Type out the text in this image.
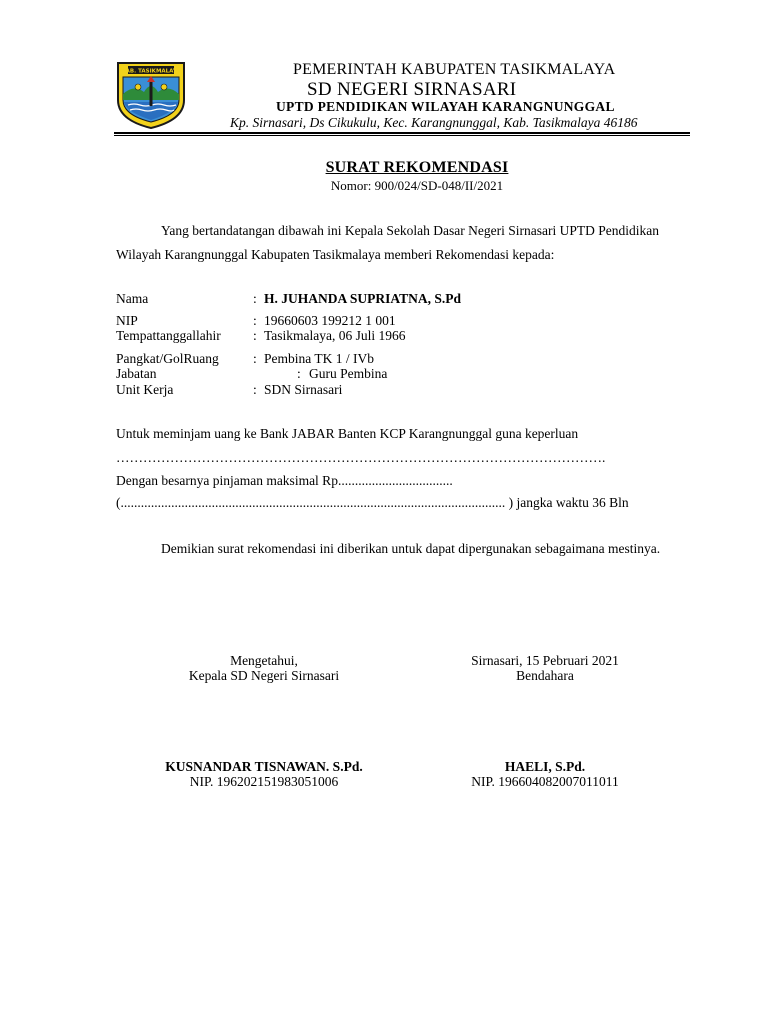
KAB. TASIKMALAYA	PEMERINTAH KABUPATEN TASIKMALAYA
SD NEGERI SIRNASARI
UPTD PENDIDIKAN WILAYAH KARANGNUNGGAL
Kp. Sirnasari, Ds Cikukulu, Kec. Karangnunggal, Kab. Tasikmalaya 46186
SURAT REKOMENDASI
Nomor: 900/024/SD-048/II/2021
Yang bertandatangan dibawah ini Kepala Sekolah Dasar Negeri Sirnasari UPTD Pendidikan
Wilayah Karangnunggal Kabupaten Tasikmalaya memberi Rekomendasi kepada:
Nama	: H. JUHANDA SUPRIATNA, S.Pd
NIP	: 19660603 199212 1 001
Tempattanggallahir : Tasikmalaya, 06 Juli 1966
Pangkat/GolRuang	: Pembina TK 1 / IVb
Jabatan	: Guru Pembina
Unit Kerja	: SDN Sirnasari
Untuk meminjam uang ke Bank JABAR Banten KCP Karangnunggal guna keperluan
……………………………………………………………………………………………….
Dengan besarnya pinjaman maksimal Rp..................................
(.................................................................................................................. ) jangka waktu 36 Bln
Demikian surat rekomendasi ini diberikan untuk dapat dipergunakan sebagaimana mestinya.
Mengetahui,
Kepala SD Negeri Sirnasari
KUSNANDAR TISNAWAN. S.Pd.
NIP. 196202151983051006
Sirnasari, 15 Pebruari 2021
Bendahara
HAELI, S.Pd.
NIP. 196604082007011011
